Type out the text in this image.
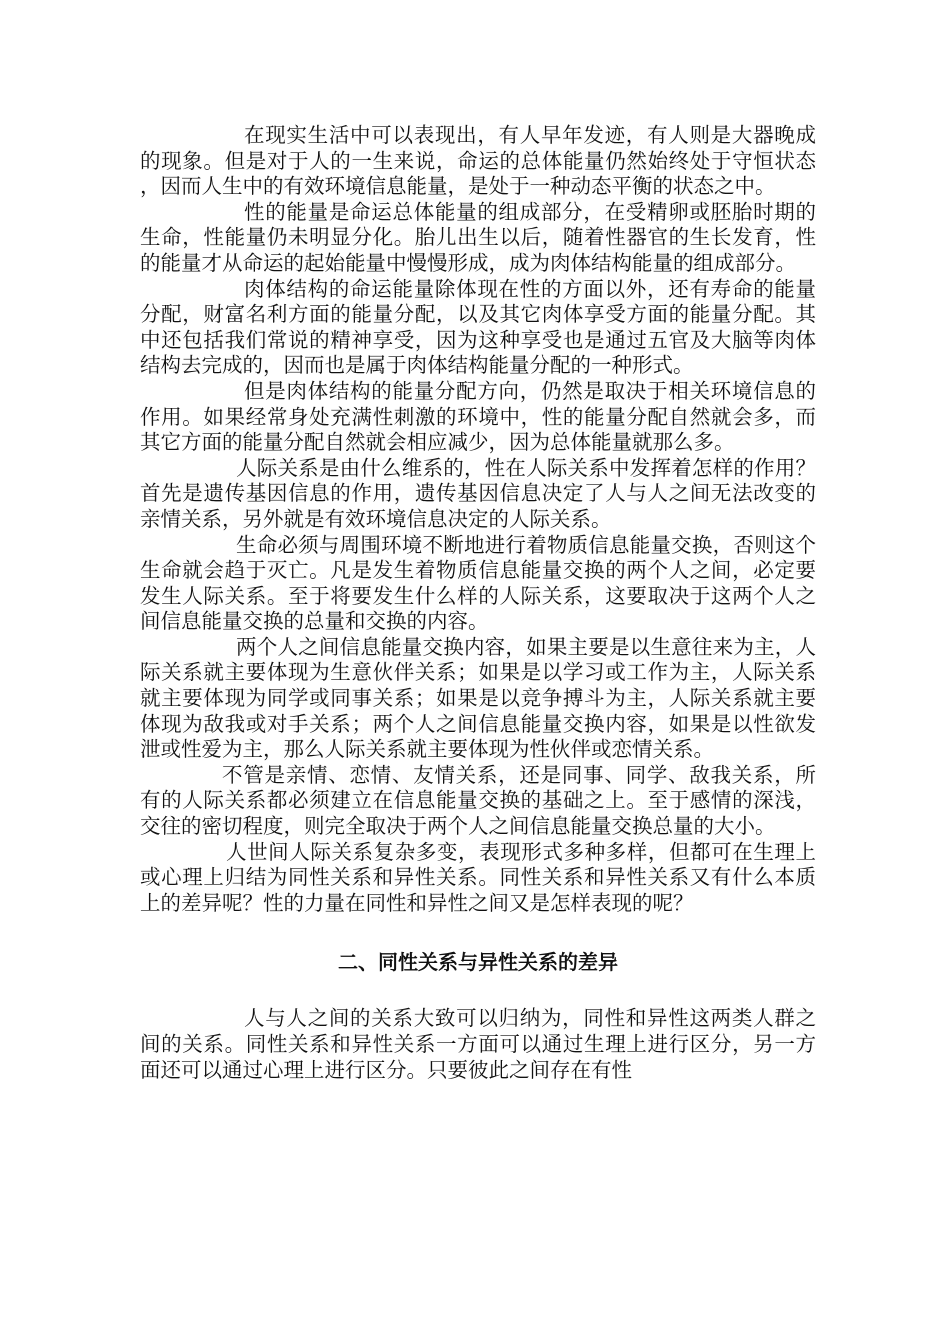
在现实生活中可以表现出，有人早年发迹，有人则是大器晚成的现象。但是对于人的一生来说，命运的总体能量仍然始终处于守恒状态，因而人生中的有效环境信息能量，是处于一种动态平衡的状态之中。

性的能量是命运总体能量的组成部分，在受精卵或胚胎时期的生命，性能量仍未明显分化。胎儿出生以后，随着性器官的生长发育，性的能量才从命运的起始能量中慢慢形成，成为肉体结构能量的组成部分。

肉体结构的命运能量除体现在性的方面以外，还有寿命的能量分配，财富名利方面的能量分配，以及其它肉体享受方面的能量分配。其中还包括我们常说的精神享受，因为这种享受也是通过五官及大脑等肉体结构去完成的，因而也是属于肉体结构能量分配的一种形式。

但是肉体结构的能量分配方向，仍然是取决于相关环境信息的作用。如果经常身处充满性刺激的环境中，性的能量分配自然就会多，而其它方面的能量分配自然就会相应减少，因为总体能量就那么多。

人际关系是由什么维系的，性在人际关系中发挥着怎样的作用？首先是遗传基因信息的作用，遗传基因信息决定了人与人之间无法改变的亲情关系，另外就是有效环境信息决定的人际关系。

生命必须与周围环境不断地进行着物质信息能量交换，否则这个生命就会趋于灭亡。凡是发生着物质信息能量交换的两个人之间，必定要发生人际关系。至于将要发生什么样的人际关系，这要取决于这两个人之间信息能量交换的总量和交换的内容。

两个人之间信息能量交换内容，如果主要是以生意往来为主，人际关系就主要体现为生意伙伴关系；如果是以学习或工作为主，人际关系就主要体现为同学或同事关系；如果是以竞争搏斗为主，人际关系就主要体现为敌我或对手关系；两个人之间信息能量交换内容，如果是以性欲发泄或性爱为主，那么人际关系就主要体现为性伙伴或恋情关系。

不管是亲情、恋情、友情关系，还是同事、同学、敌我关系，所有的人际关系都必须建立在信息能量交换的基础之上。至于感情的深浅，交往的密切程度，则完全取决于两个人之间信息能量交换总量的大小。

人世间人际关系复杂多变，表现形式多种多样，但都可在生理上或心理上归结为同性关系和异性关系。同性关系和异性关系又有什么本质上的差异呢？性的力量在同性和异性之间又是怎样表现的呢？

二、同性关系与异性关系的差异

人与人之间的关系大致可以归纳为，同性和异性这两类人群之间的关系。同性关系和异性关系一方面可以通过生理上进行区分，另一方面还可以通过心理上进行区分。只要彼此之间存在有性
